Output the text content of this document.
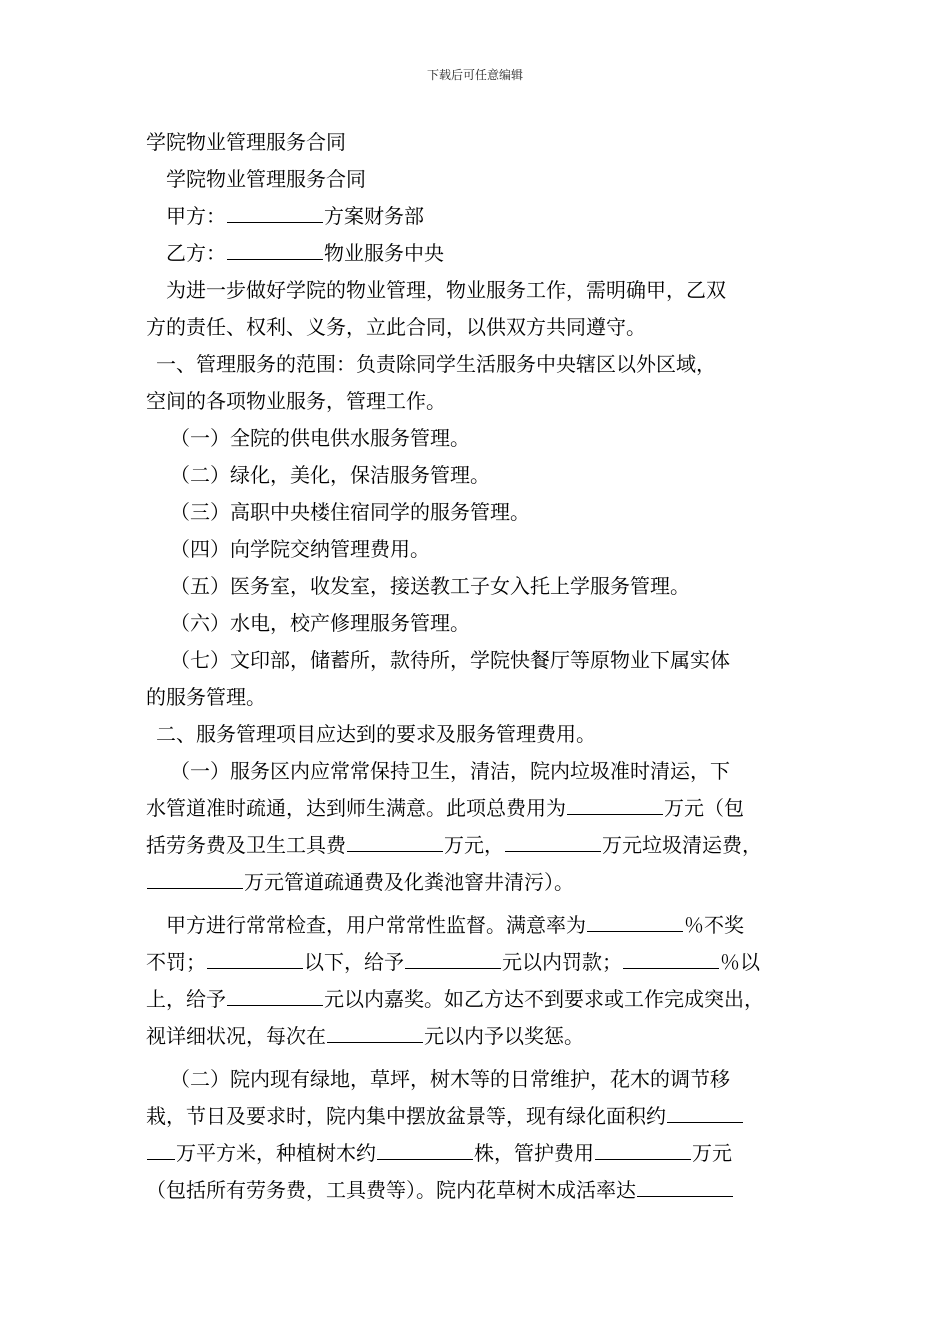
下载后可任意编辑
学院物业管理服务合同
学院物业管理服务合同
甲方：	方案财务部
乙方：	物业服务中央
为进一步做好学院的物业管理，物业服务工作，需明确甲，乙双
方的责任、权利、义务，立此合同，以供双方共同遵守。
一、管理服务的范围：负责除同学生活服务中央辖区以外区域，
空间的各项物业服务，管理工作。
（一）全院的供电供水服务管理。
（二）绿化，美化，保洁服务管理。
（三）高职中央楼住宿同学的服务管理。
（四）向学院交纳管理费用。
（五）医务室，收发室，接送教工子女入托上学服务管理。
（六）水电，校产修理服务管理。
（七）文印部，储蓄所，款待所，学院快餐厅等原物业下属实体
的服务管理。
二、服务管理项目应达到的要求及服务管理费用。
（一）服务区内应常常保持卫生，清洁，院内垃圾准时清运，下
水管道准时疏通，达到师生满意。此项总费用为	万元（包
括劳务费及卫生工具费	万元，	万元垃圾清运费，
万元管道疏通费及化粪池窨井清污）。
甲方进行常常检查，用户常常性监督。满意率为	％不奖
不罚；	以下，给予	元以内罚款；	％以
上，给予	元以内嘉奖。如乙方达不到要求或工作完成突出，
视详细状况，每次在	元以内予以奖惩。
（二）院内现有绿地，草坪，树木等的日常维护，花木的调节移
栽，节日及要求时，院内集中摆放盆景等，现有绿化面积约
万平方米，种植树木约	株，管护费用	万元
（包括所有劳务费，工具费等）。院内花草树木成活率达
